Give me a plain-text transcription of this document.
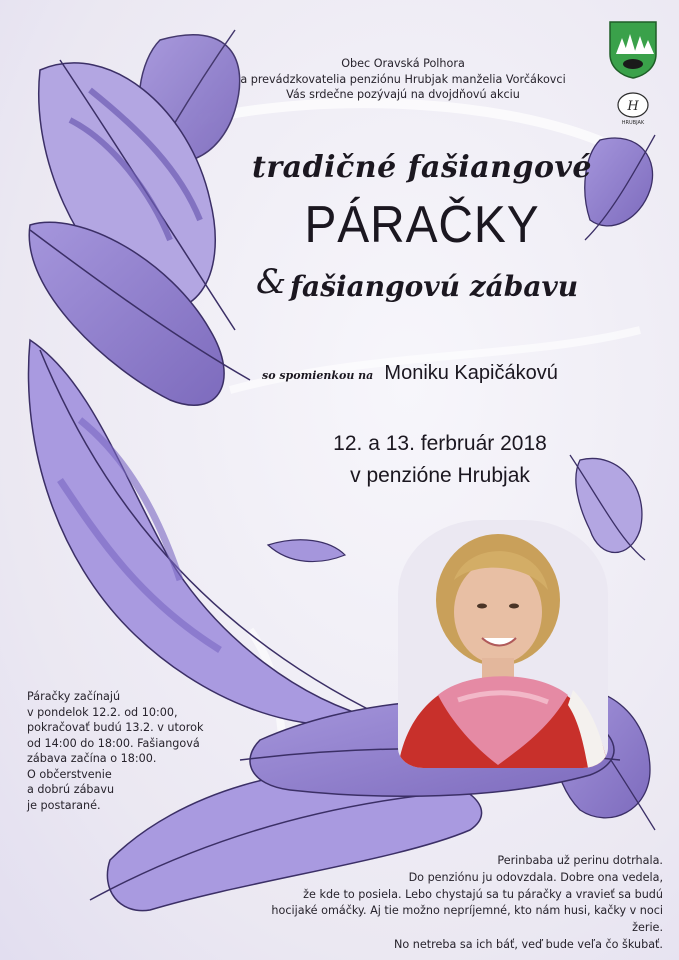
H
HRUBJAK
Obec Oravská Polhora
a prevádzkovatelia penziónu Hrubjak manželia Vorčákovci
Vás srdečne pozývajú na dvojdňovú akciu
tradičné fašiangové
PÁRAČKY
& fašiangovú zábavu
so spomienkou na Moniku Kapičákovú
12. a 13. ferbruár 2018
v penzióne Hrubjak
Páračky začínajú
v pondelok 12.2. od 10:00,
pokračovať budú 13.2. v utorok
od 14:00 do 18:00. Fašiangová
zábava začína o 18:00.
O občerstvenie
a dobrú zábavu
je postarané.
Perinbaba už perinu dotrhala.
Do penziónu ju odovzdala. Dobre ona vedela,
že kde to posiela. Lebo chystajú sa tu páračky a vravieť sa budú
hocijaké omáčky. Aj tie možno nepríjemné, kto nám husi, kačky v noci žerie.
No netreba sa ich báť, veď bude veľa čo škubať.
